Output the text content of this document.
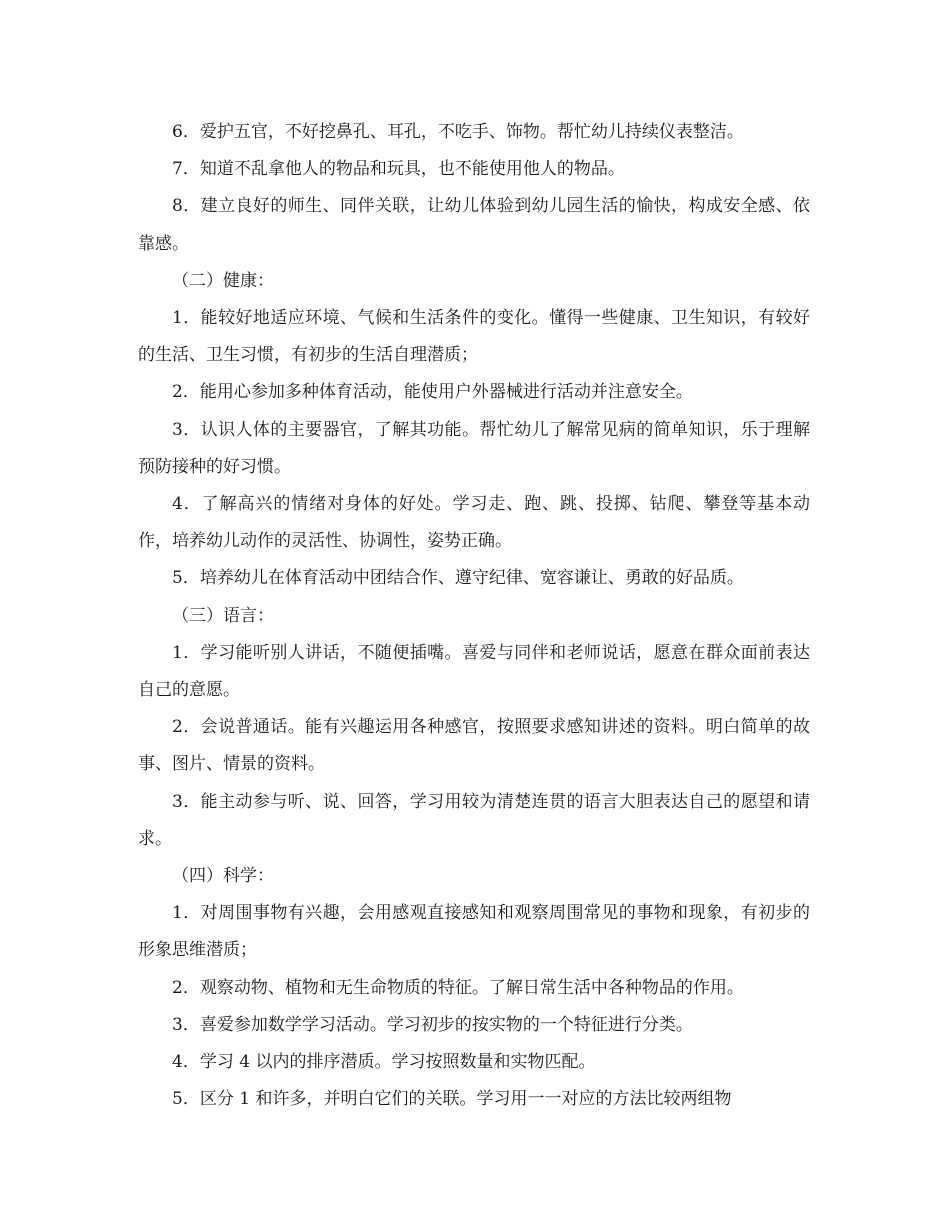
6．爱护五官，不好挖鼻孔、耳孔，不吃手、饰物。帮忙幼儿持续仪表整洁。

7．知道不乱拿他人的物品和玩具，也不能使用他人的物品。

8．建立良好的师生、同伴关联，让幼儿体验到幼儿园生活的愉快，构成安全感、依靠感。

（二）健康：

1．能较好地适应环境、气候和生活条件的变化。懂得一些健康、卫生知识，有较好的生活、卫生习惯，有初步的生活自理潜质；

2．能用心参加多种体育活动，能使用户外器械进行活动并注意安全。

3．认识人体的主要器官，了解其功能。帮忙幼儿了解常见病的简单知识，乐于理解预防接种的好习惯。

4．了解高兴的情绪对身体的好处。学习走、跑、跳、投掷、钻爬、攀登等基本动作，培养幼儿动作的灵活性、协调性，姿势正确。

5．培养幼儿在体育活动中团结合作、遵守纪律、宽容谦让、勇敢的好品质。

（三）语言：

1．学习能听别人讲话，不随便插嘴。喜爱与同伴和老师说话，愿意在群众面前表达自己的意愿。

2．会说普通话。能有兴趣运用各种感官，按照要求感知讲述的资料。明白简单的故事、图片、情景的资料。

3．能主动参与听、说、回答，学习用较为清楚连贯的语言大胆表达自己的愿望和请求。

（四）科学：

1．对周围事物有兴趣，会用感观直接感知和观察周围常见的事物和现象，有初步的形象思维潜质；

2．观察动物、植物和无生命物质的特征。了解日常生活中各种物品的作用。

3．喜爱参加数学学习活动。学习初步的按实物的一个特征进行分类。

4．学习 4 以内的排序潜质。学习按照数量和实物匹配。

5．区分 1 和许多，并明白它们的关联。学习用一一对应的方法比较两组物
